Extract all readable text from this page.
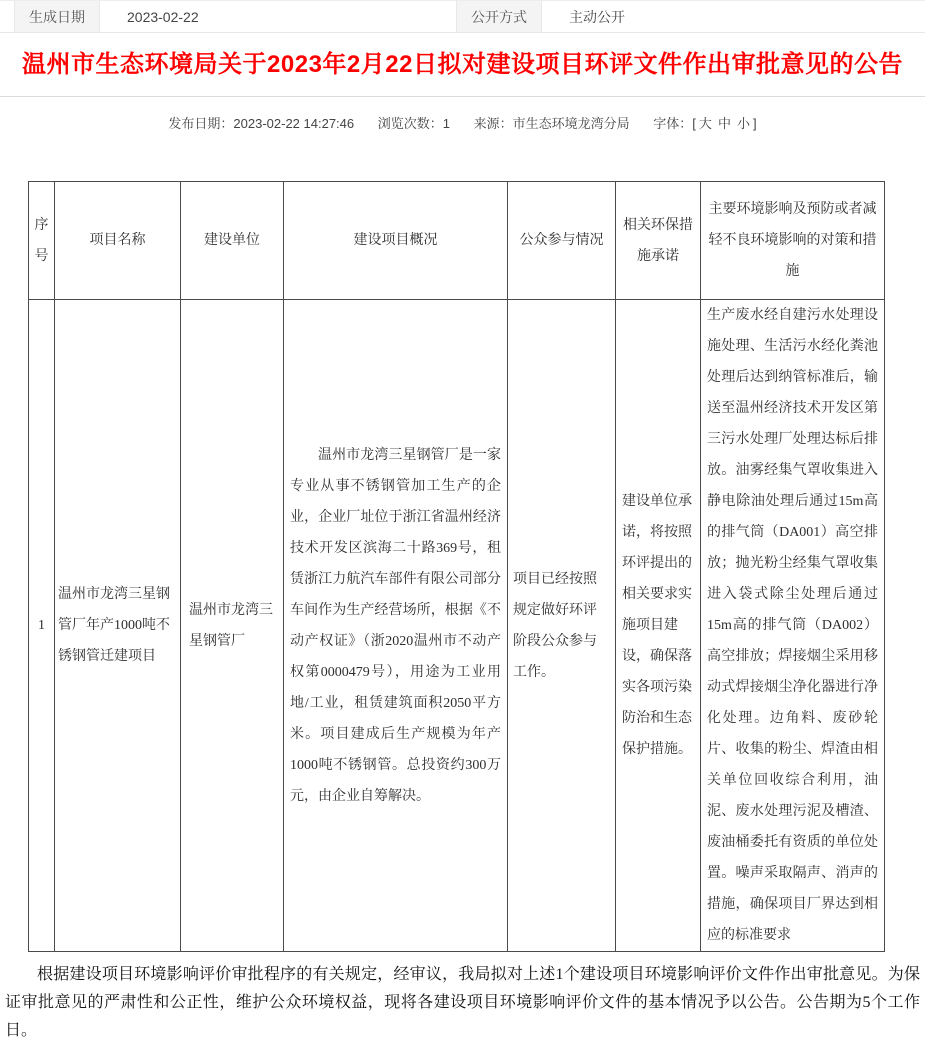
生成日期	2023-02-22	公开方式	主动公开
温州市生态环境局关于2023年2月22日拟对建设项目环评文件作出审批意见的公告
发布日期：2023-02-22 14:27:46 浏览次数：1 来源：市生态环境龙湾分局 字体：[ 大 中 小 ]
序号	项目名称	建设单位	建设项目概况	公众参与情况	相关环保措施承诺	主要环境影响及预防或者减轻不良环境影响的对策和措施
1	温州市龙湾三星钢管厂年产1000吨不锈钢管迁建项目	温州市龙湾三星钢管厂	温州市龙湾三星钢管厂是一家专业从事不锈钢管加工生产的企业，企业厂址位于浙江省温州经济技术开发区滨海二十路369号，租赁浙江力航汽车部件有限公司部分车间作为生产经营场所，根据《不动产权证》（浙2020温州市不动产权第0000479号），用途为工业用地/工业，租赁建筑面积2050平方米。项目建成后生产规模为年产1000吨不锈钢管。总投资约300万元，由企业自筹解决。	项目已经按照规定做好环评阶段公众参与工作。	建设单位承诺，将按照环评提出的相关要求实施项目建设，确保落实各项污染防治和生态保护措施。	生产废水经自建污水处理设施处理、生活污水经化粪池处理后达到纳管标准后，输送至温州经济技术开发区第三污水处理厂处理达标后排放。油雾经集气罩收集进入静电除油处理后通过15m高的排气筒（DA001）高空排放；抛光粉尘经集气罩收集进入袋式除尘处理后通过15m高的排气筒（DA002）高空排放；焊接烟尘采用移动式焊接烟尘净化器进行净化处理。边角料、废砂轮片、收集的粉尘、焊渣由相关单位回收综合利用，油泥、废水处理污泥及槽渣、废油桶委托有资质的单位处置。噪声采取隔声、消声的措施，确保项目厂界达到相应的标准要求

根据建设项目环境影响评价审批程序的有关规定，经审议，我局拟对上述1个建设项目环境影响评价文件作出审批意见。为保证审批意见的严肃性和公正性，维护公众环境权益，现将各建设项目环境影响评价文件的基本情况予以公告。公告期为5个工作日。
